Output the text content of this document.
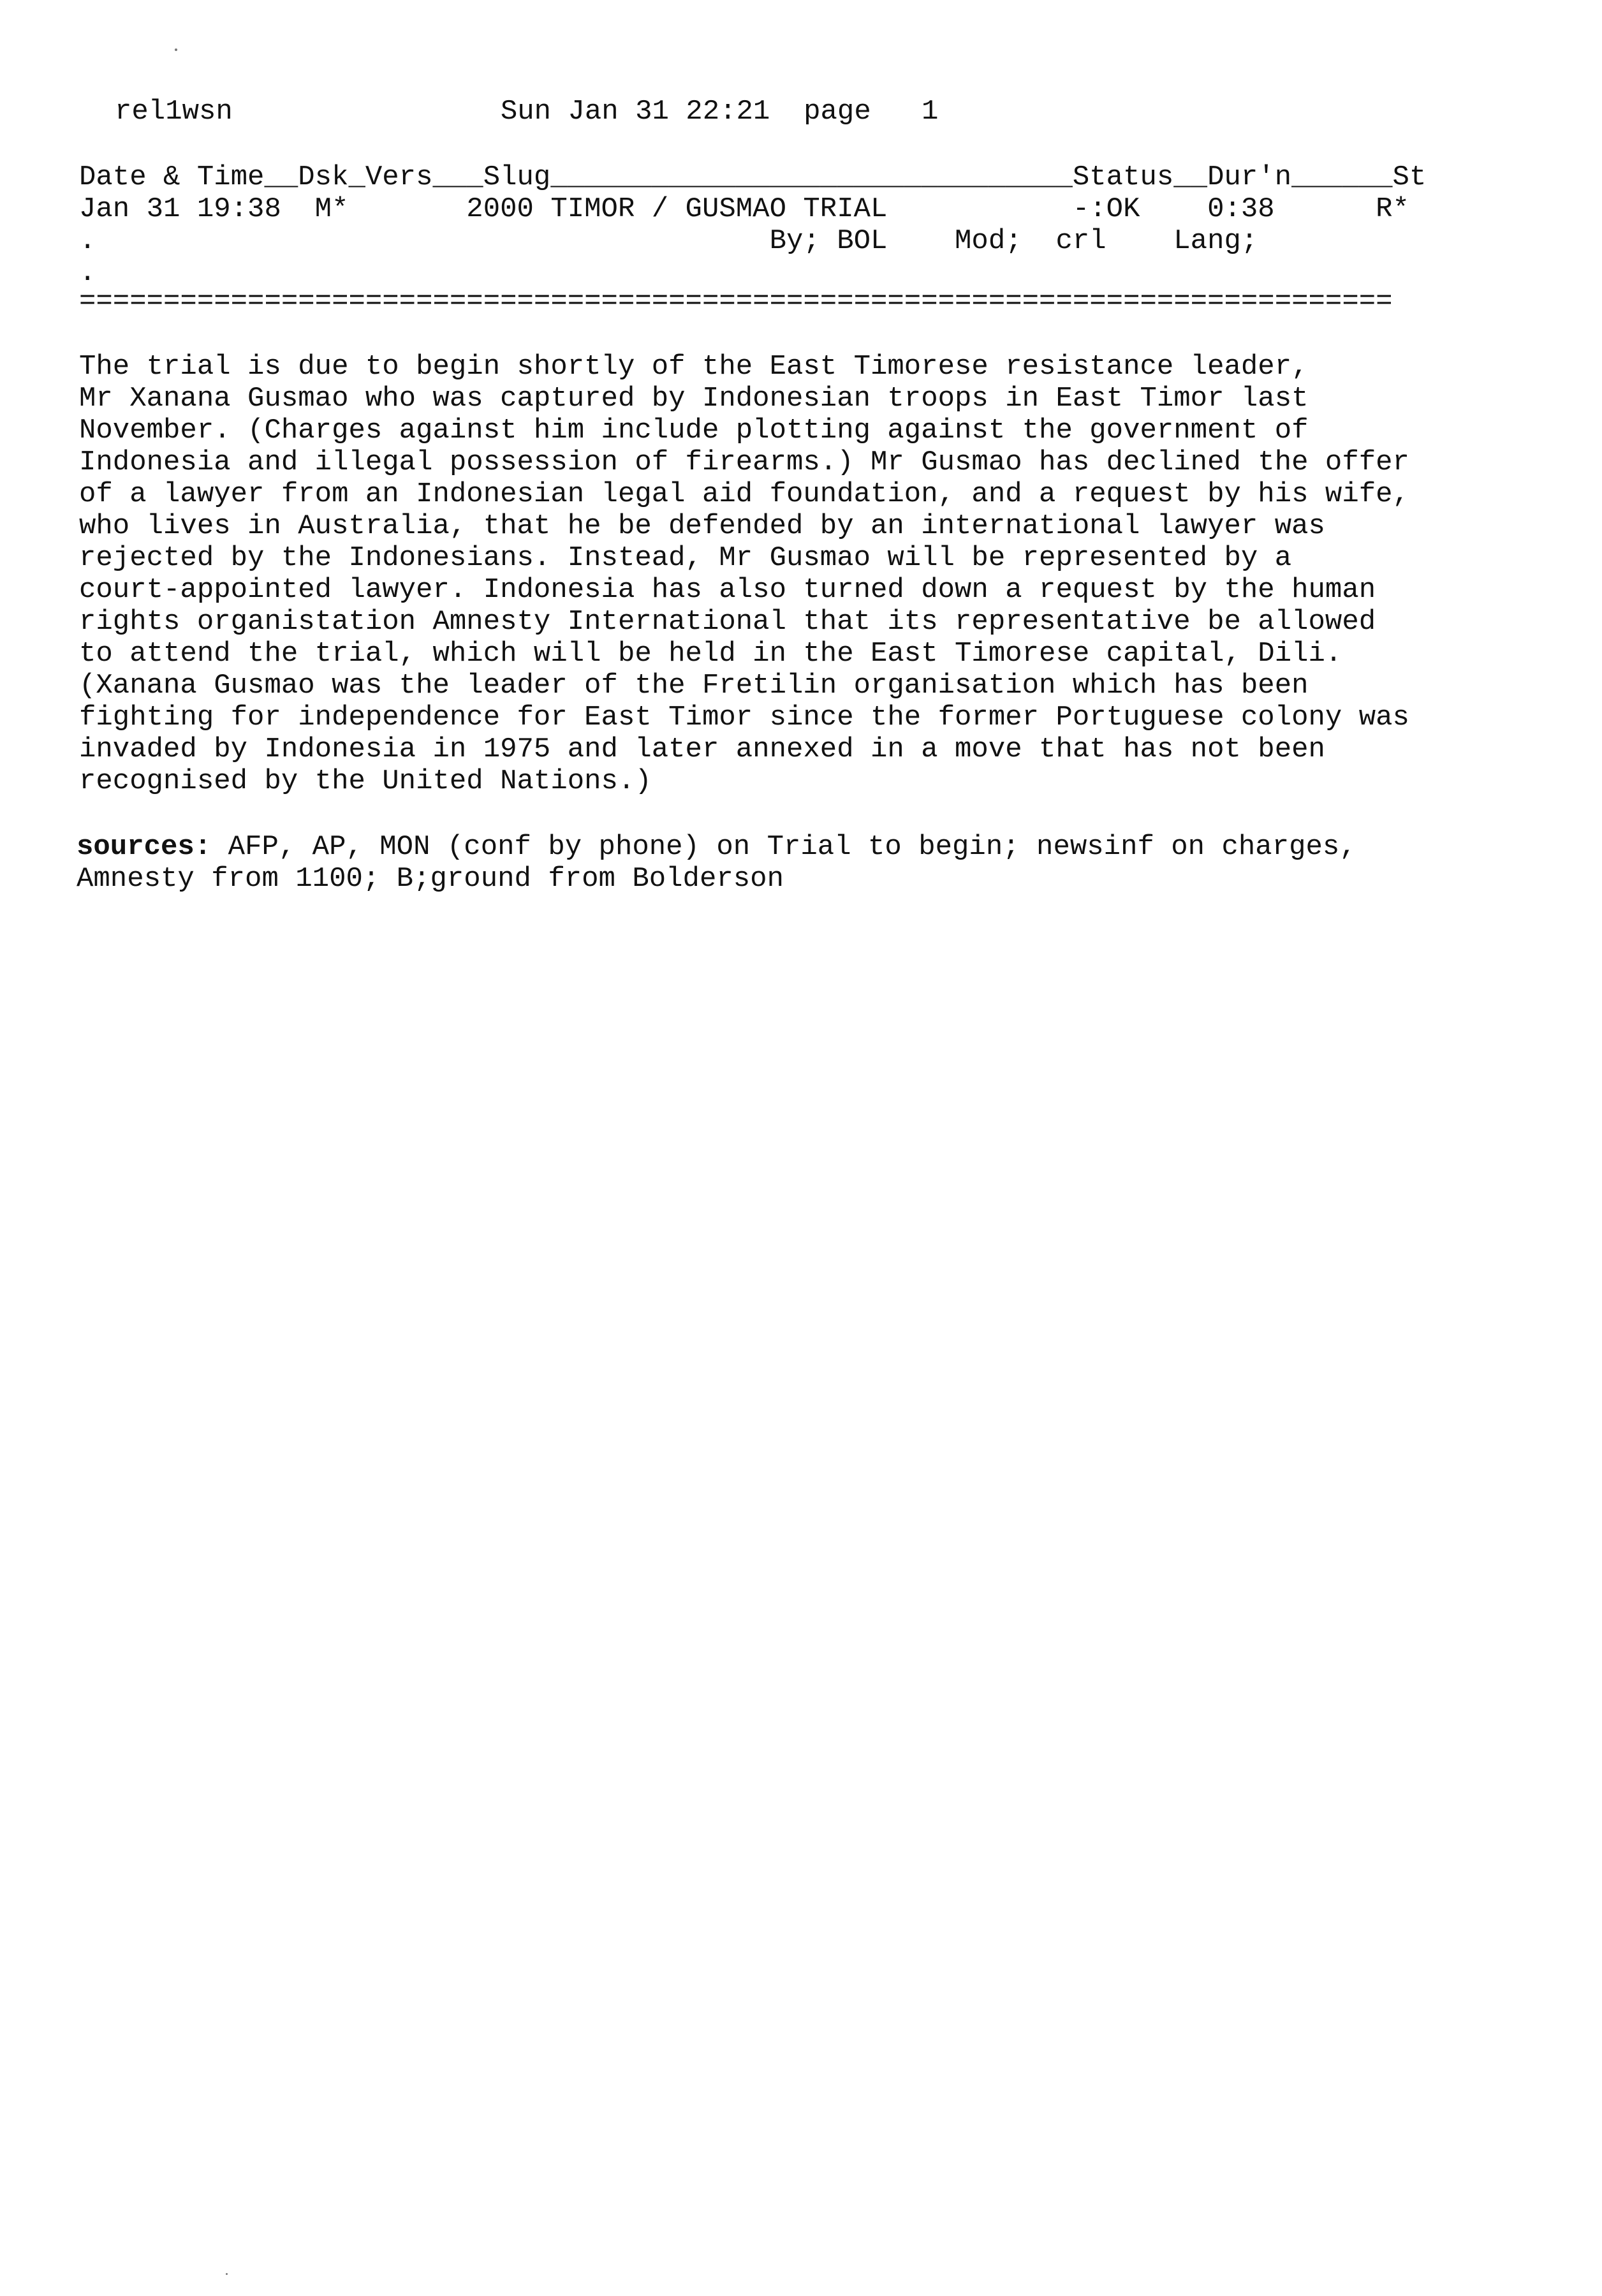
rel1wsn	Sun Jan 31 22:21 page 1
Date & Time__Dsk_Vers___Slug_______________________________Status__Dur'n______St
Jan 31 19:38  M*       2000 TIMOR / GUSMAO TRIAL           -:OK    0:38      R*
.                                        By; BOL    Mod;  crl    Lang;
.
==============================================================================

The trial is due to begin shortly of the East Timorese resistance leader,
Mr Xanana Gusmao who was captured by Indonesian troops in East Timor last
November. (Charges against him include plotting against the government of
Indonesia and illegal possession of firearms.) Mr Gusmao has declined the offer
of a lawyer from an Indonesian legal aid foundation, and a request by his wife,
who lives in Australia, that he be defended by an international lawyer was
rejected by the Indonesians. Instead, Mr Gusmao will be represented by a
court-appointed lawyer. Indonesia has also turned down a request by the human
rights organistation Amnesty International that its representative be allowed
to attend the trial, which will be held in the East Timorese capital, Dili.
(Xanana Gusmao was the leader of the Fretilin organisation which has been
fighting for independence for East Timor since the former Portuguese colony was
invaded by Indonesia in 1975 and later annexed in a move that has not been
recognised by the United Nations.)

sources: AFP, AP, MON (conf by phone) on Trial to begin; newsinf on charges,
Amnesty from 1100; B;ground from Bolderson
